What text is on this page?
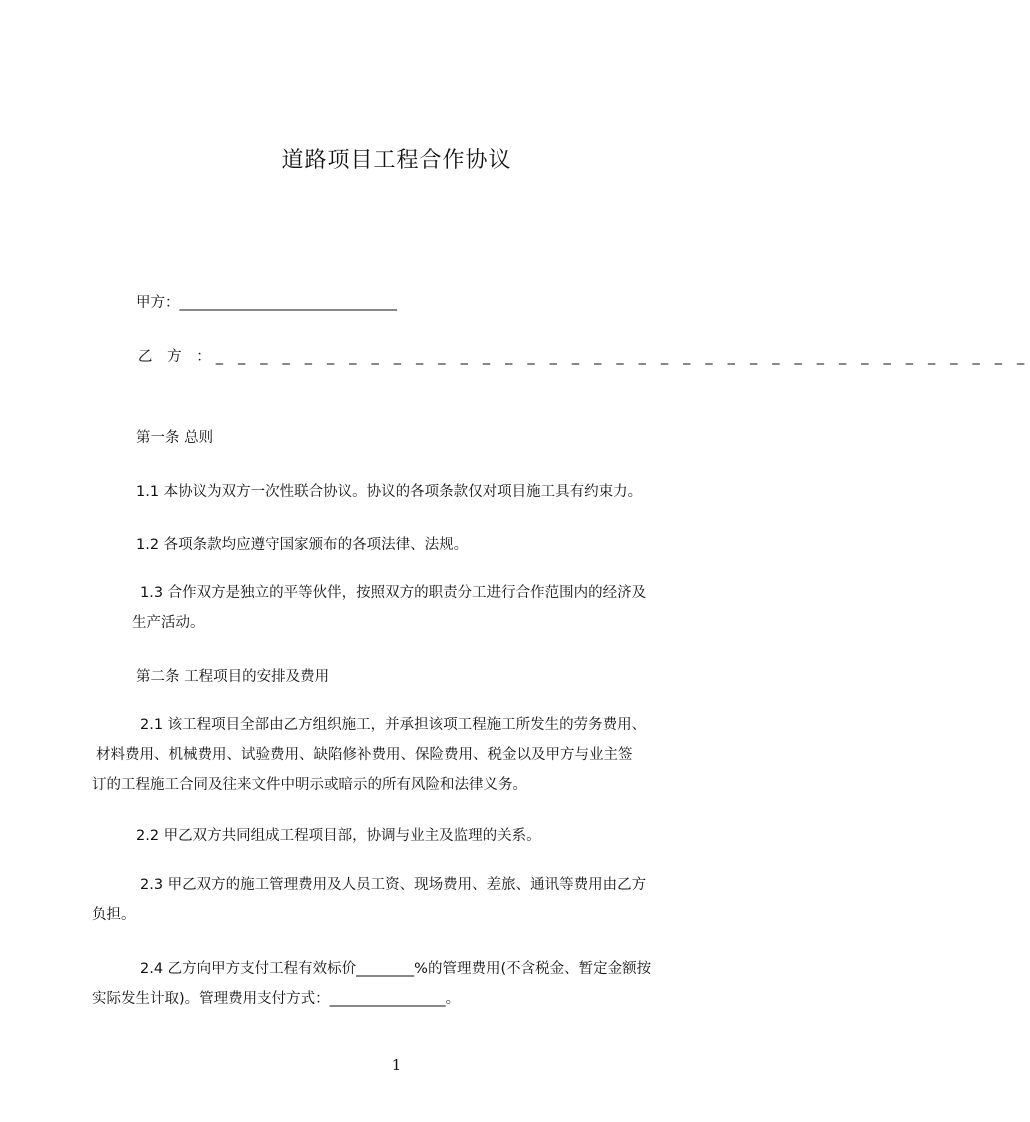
道路项目工程合作协议
甲方：______________________________
乙 方 ：_ _ _ _ _ _ _ _ _ _ _ _ _ _ _ _ _ _ _ _ _ _ _ _ _ _ _ _ _ _ _ _ _ _ _ _ _
第一条 总则
1.1 本协议为双方一次性联合协议。协议的各项条款仅对项目施工具有约束力。
1.2 各项条款均应遵守国家颁布的各项法律、法规。
1.3 合作双方是独立的平等伙伴，按照双方的职责分工进行合作范围内的经济及
生产活动。
第二条 工程项目的安排及费用
2.1 该工程项目全部由乙方组织施工，并承担该项工程施工所发生的劳务费用、
材料费用、机械费用、试验费用、缺陷修补费用、保险费用、税金以及甲方与业主签
订的工程施工合同及往来文件中明示或暗示的所有风险和法律义务。
2.2 甲乙双方共同组成工程项目部，协调与业主及监理的关系。
2.3 甲乙双方的施工管理费用及人员工资、现场费用、差旅、通讯等费用由乙方
负担。
2.4 乙方向甲方支付工程有效标价________%的管理费用(不含税金、暂定金额按
实际发生计取)。管理费用支付方式：________________。
1
